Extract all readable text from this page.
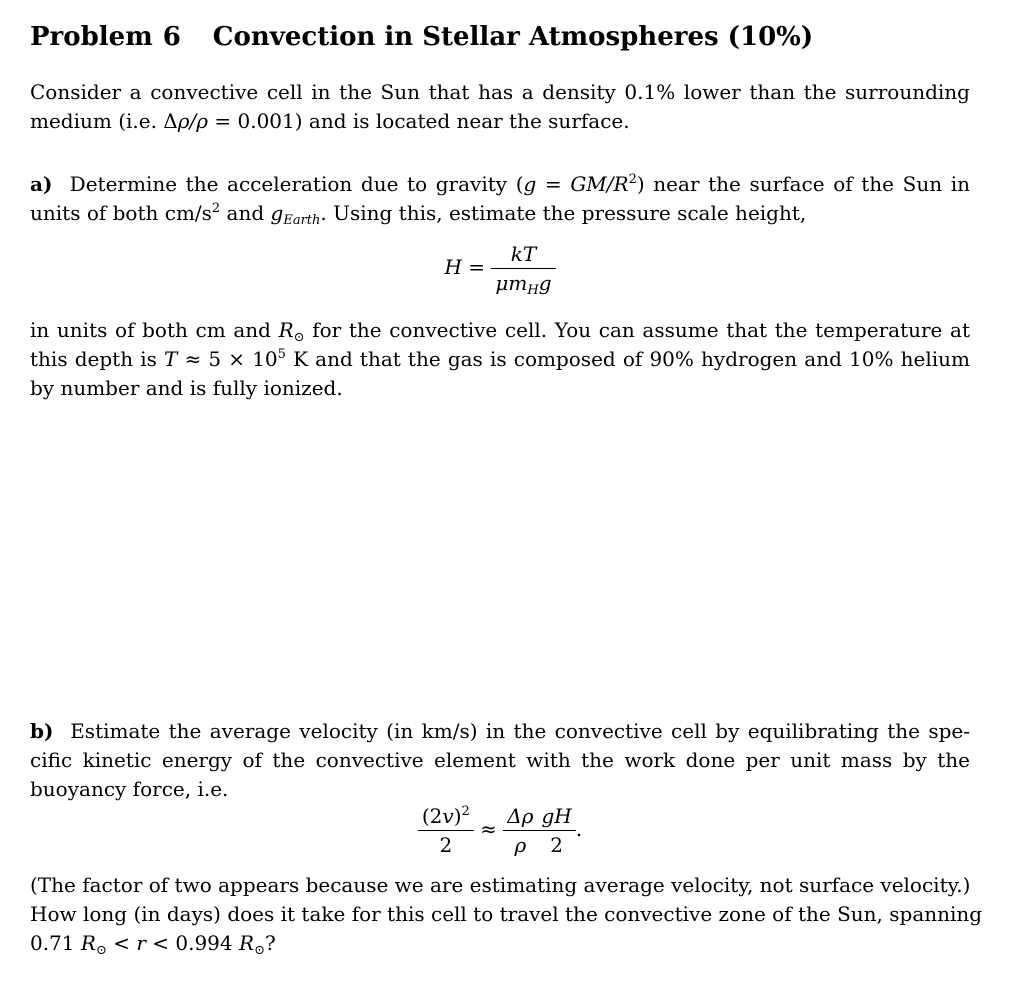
Problem 6 Convection in Stellar Atmospheres (10%)
Consider a convective cell in the Sun that has a density 0.1% lower than the surrounding
medium (i.e. Δρ/ρ = 0.001) and is located near the surface.
a) Determine the acceleration due to gravity $(g = GM/R^2)$ near the surface of the Sun in
units of both $cm/s^2$ and $g_{Earth}$. Using this, estimate the pressure scale height,
$H = \frac{kT}{\mu m_Hg}$
in units of both cm and $R_⊙$ for the convective cell. You can assume that the temperature at
this depth is $T \approx 5 \times 10^5$ K and that the gas is composed of 90% hydrogen and 10% helium
by number and is fully ionized.
b) Estimate the average velocity (in km/s) in the convective cell by equilibrating the spe-
cific kinetic energy of the convective element with the work done per unit mass by the
buoyancy force, i.e.
$\frac{(2v)^2}{2} \approx \frac{\Delta\rho}{\rho} \frac{gH}{2}$ .
(The factor of two appears because we are estimating average velocity, not surface velocity.)
How long (in days) does it take for this cell to travel the convective zone of the Sun, spanning
0.71 $R_⊙ < r < 0.994$ $R_⊙$?
